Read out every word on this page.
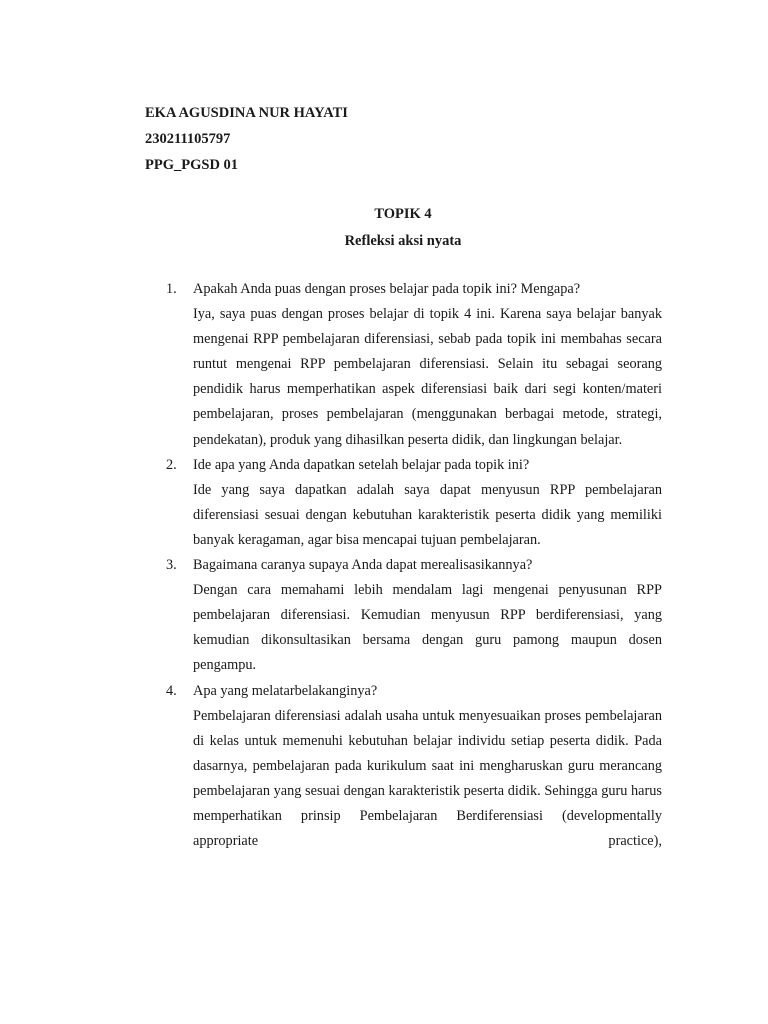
EKA AGUSDINA NUR HAYATI
230211105797
PPG_PGSD 01
TOPIK 4
Refleksi aksi nyata
1.	Apakah Anda puas dengan proses belajar pada topik ini? Mengapa?
Iya, saya puas dengan proses belajar di topik 4 ini. Karena saya belajar banyak mengenai RPP pembelajaran diferensiasi, sebab pada topik ini membahas secara runtut mengenai RPP pembelajaran diferensiasi. Selain itu sebagai seorang pendidik harus memperhatikan aspek diferensiasi baik dari segi konten/materi pembelajaran, proses pembelajaran (menggunakan berbagai metode, strategi, pendekatan), produk yang dihasilkan peserta didik, dan lingkungan belajar.
2.	Ide apa yang Anda dapatkan setelah belajar pada topik ini?
Ide yang saya dapatkan adalah saya dapat menyusun RPP pembelajaran diferensiasi sesuai dengan kebutuhan karakteristik peserta didik yang memiliki banyak keragaman, agar bisa mencapai tujuan pembelajaran.
3.	Bagaimana caranya supaya Anda dapat merealisasikannya?
Dengan cara memahami lebih mendalam lagi mengenai penyusunan RPP pembelajaran diferensiasi. Kemudian menyusun RPP berdiferensiasi, yang kemudian dikonsultasikan bersama dengan guru pamong maupun dosen pengampu.
4.	Apa yang melatarbelakanginya?
Pembelajaran diferensiasi adalah usaha untuk menyesuaikan proses pembelajaran di kelas untuk memenuhi kebutuhan belajar individu setiap peserta didik. Pada dasarnya, pembelajaran pada kurikulum saat ini mengharuskan guru merancang pembelajaran yang sesuai dengan karakteristik peserta didik. Sehingga guru harus memperhatikan prinsip Pembelajaran Berdiferensiasi (developmentally appropriate practice),
